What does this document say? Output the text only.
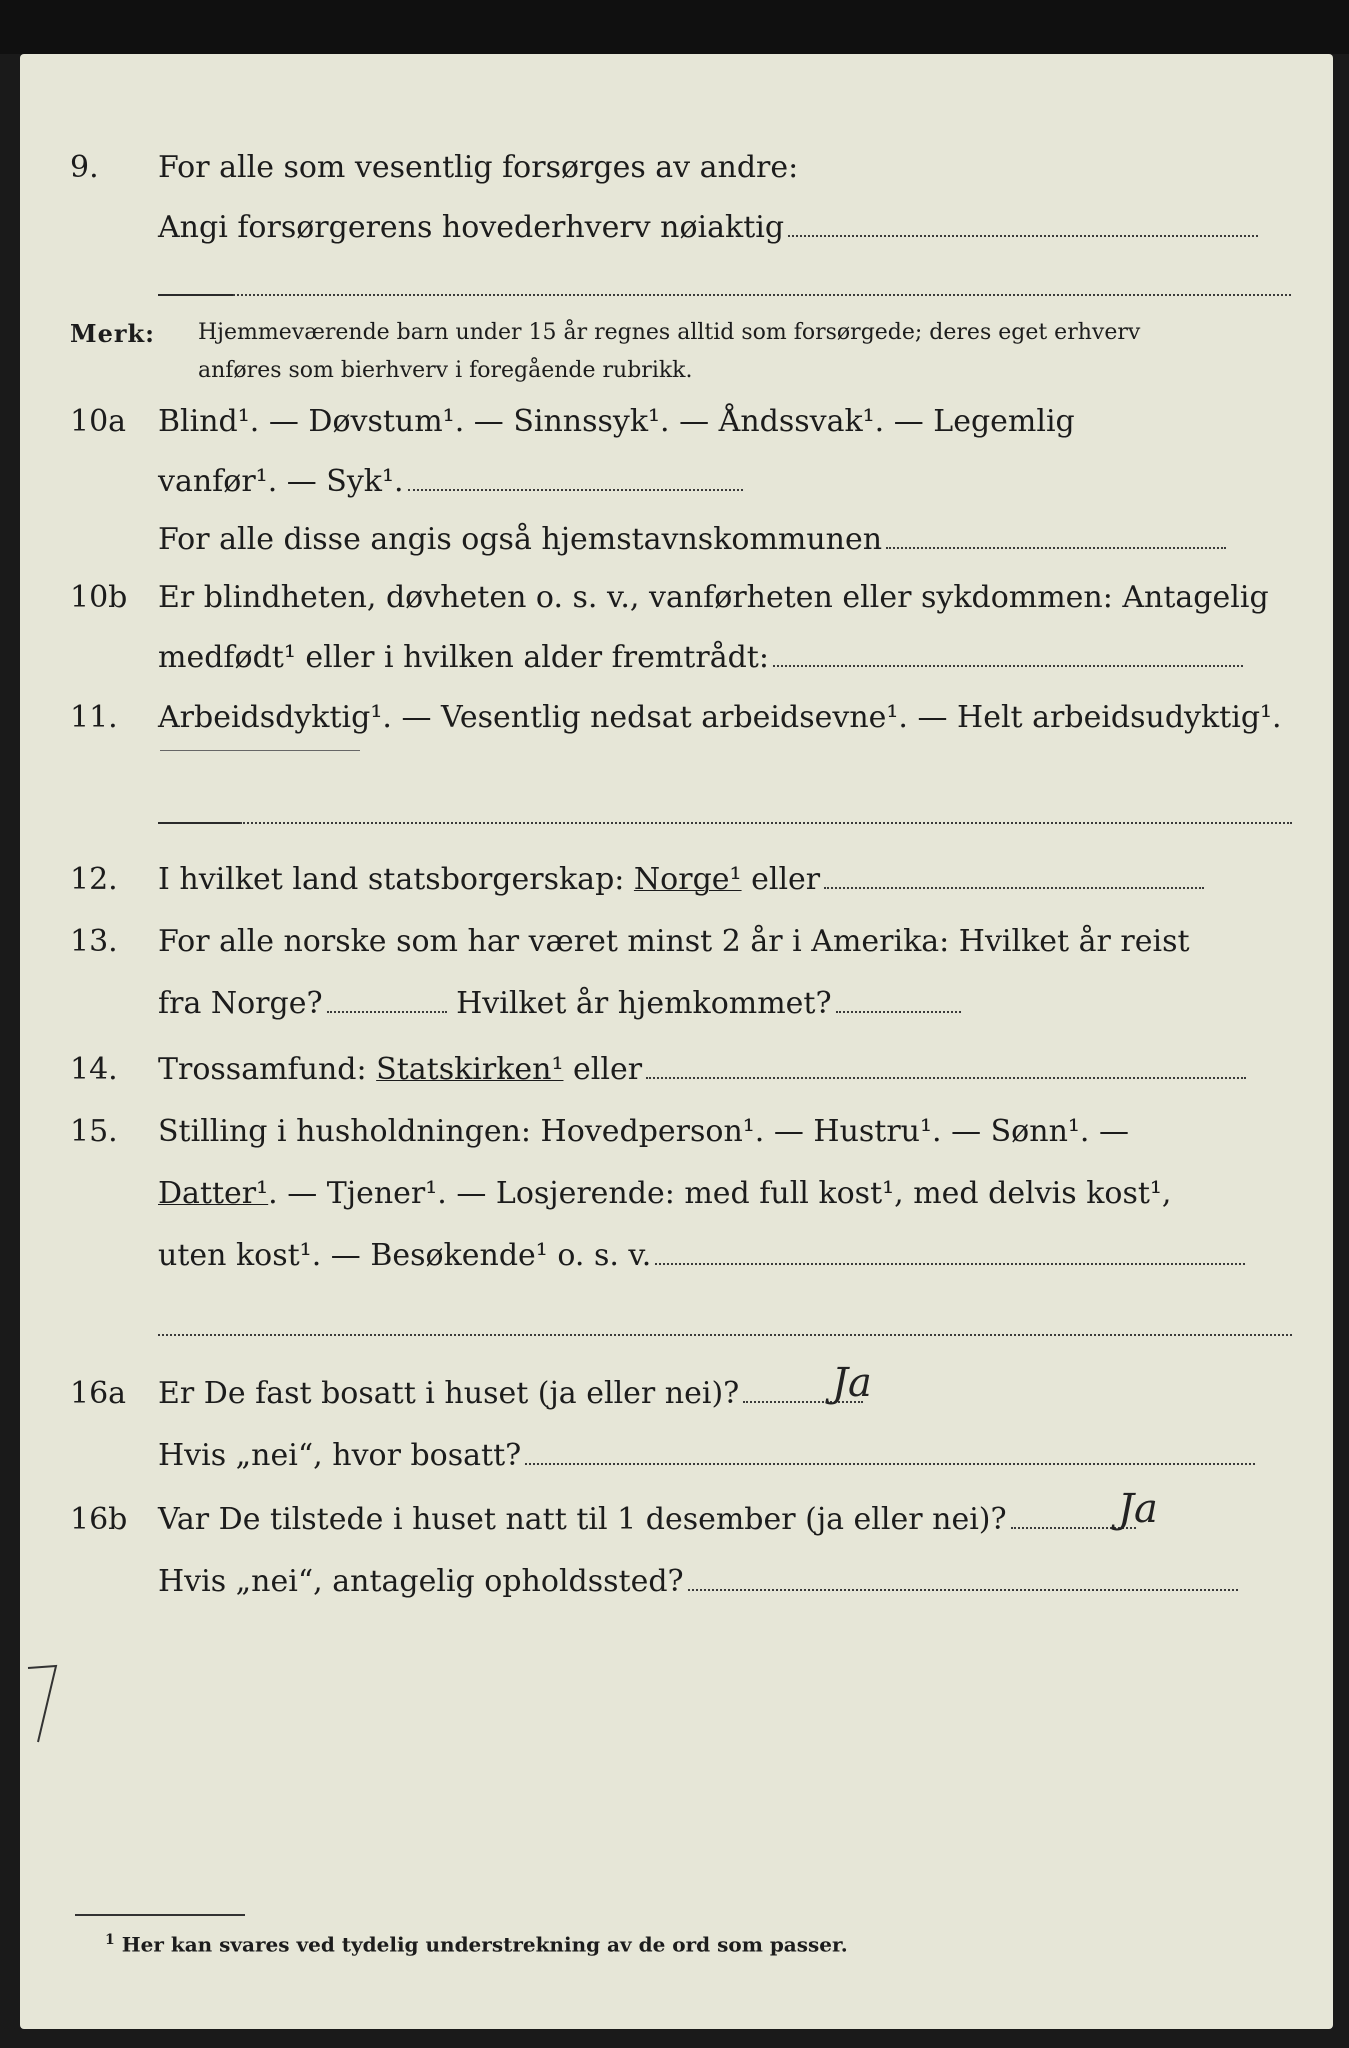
9.	For alle som vesentlig forsørges av andre:
Angi forsørgerens hovederhverv nøiaktig
Merk: Hjemmeværende barn under 15 år regnes alltid som forsørgede; deres eget erhverv
anføres som bierhverv i foregående rubrikk.
10a	Blind¹. — Døvstum¹. — Sinnssyk¹. — Åndssvak¹. — Legemlig
vanfør¹. — Syk¹.
For alle disse angis også hjemstavnskommunen
10b	Er blindheten, døvheten o. s. v., vanførheten eller sykdommen: Antagelig
medfødt¹ eller i hvilken alder fremtrådt:
11.	Arbeidsdyktig¹. — Vesentlig nedsat arbeidsevne¹. — Helt arbeidsudyktig¹.
12.	I hvilket land statsborgerskap: Norge¹ eller
13.	For alle norske som har været minst 2 år i Amerika: Hvilket år reist
fra Norge?	Hvilket år hjemkommet?
14.	Trossamfund: Statskirken¹ eller
15.	Stilling i husholdningen: Hovedperson¹. — Hustru¹. — Sønn¹. —
Datter¹. — Tjener¹. — Losjerende: med full kost¹, med delvis kost¹,
uten kost¹. — Besøkende¹ o. s. v.
16a	Er De fast bosatt i huset (ja eller nei)?	Ja
Hvis „nei“, hvor bosatt?
16b	Var De tilstede i huset natt til 1 desember (ja eller nei)?	Ja
Hvis „nei“, antagelig opholdssted?
$^1$ Her kan svares ved tydelig understrekning av de ord som passer.
